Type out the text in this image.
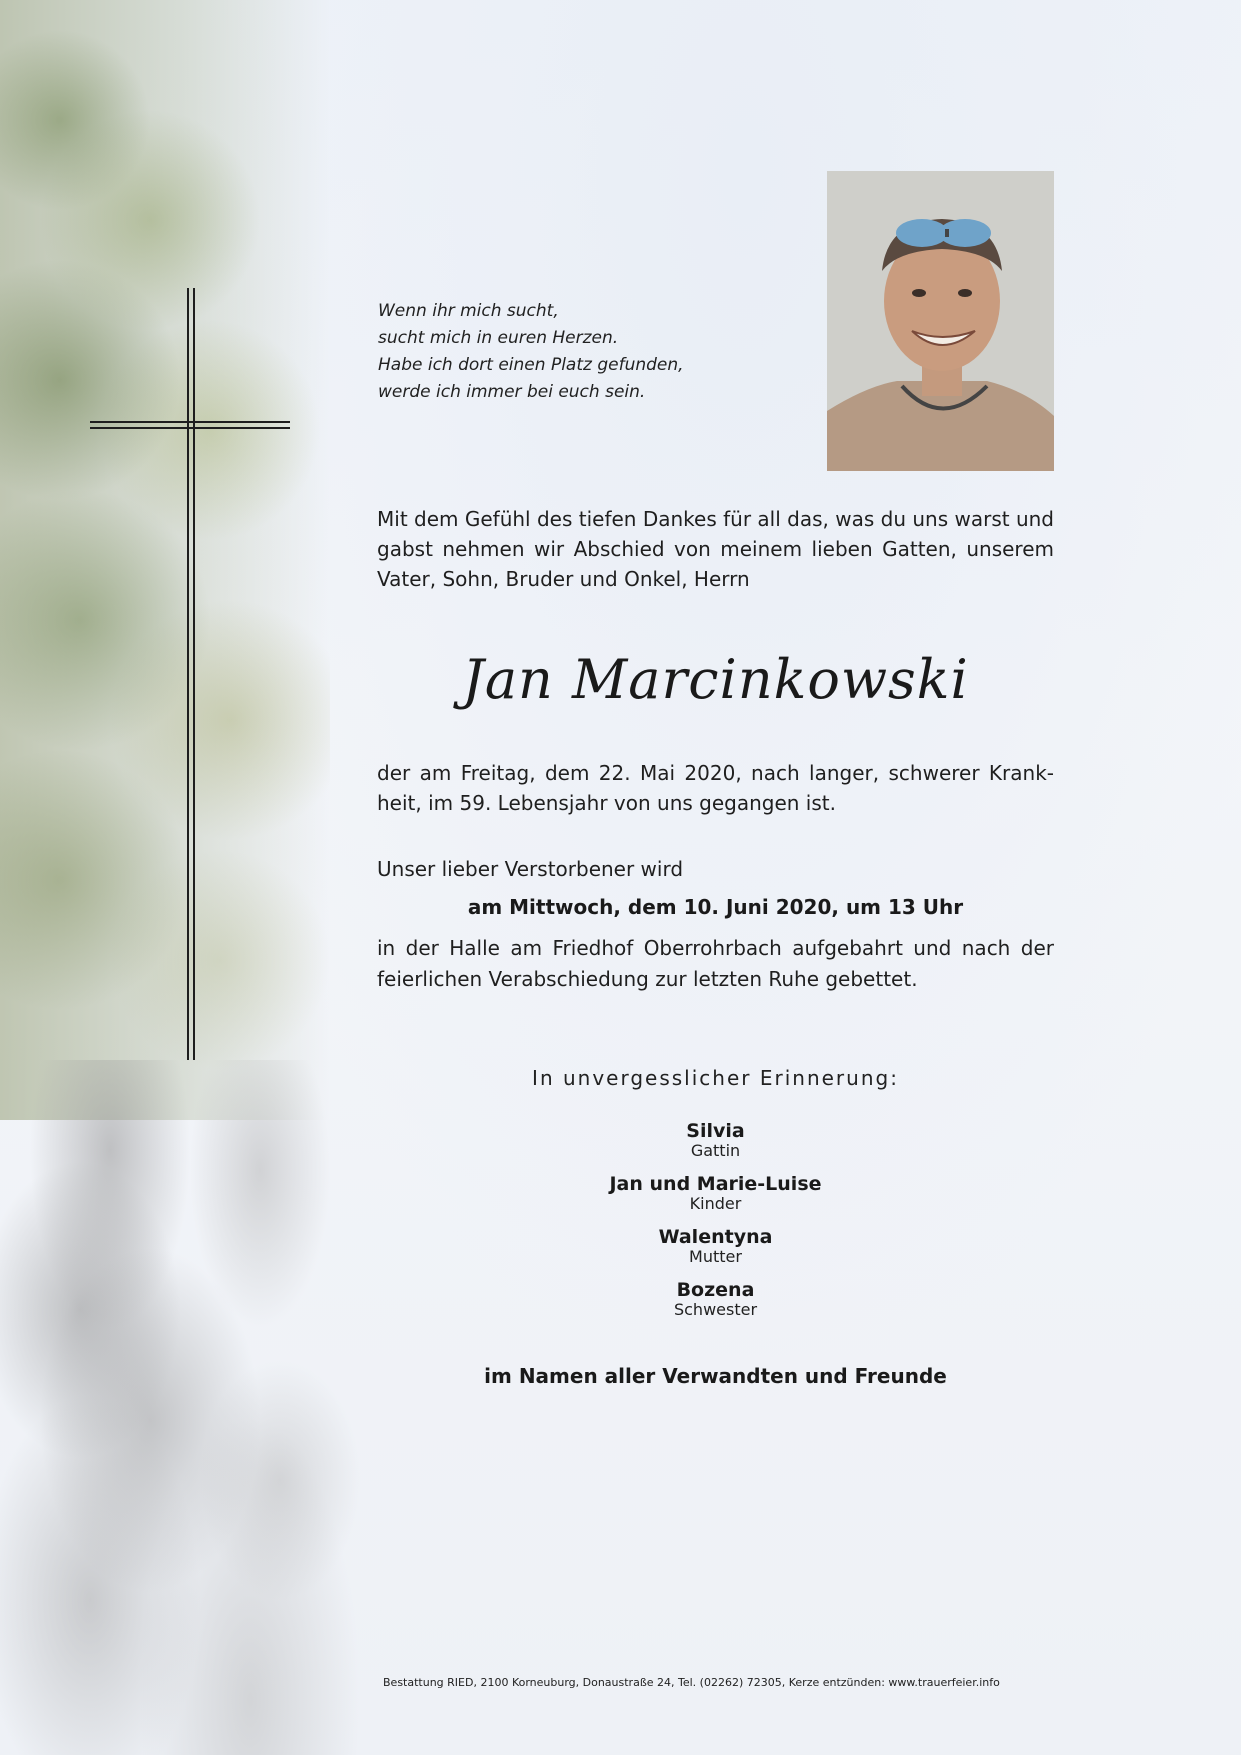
Wenn ihr mich sucht,
sucht mich in euren Herzen.
Habe ich dort einen Platz gefunden,
werde ich immer bei euch sein.
Mit dem Gefühl des tiefen Dankes für all das, was du uns warst und gabst nehmen wir Abschied von meinem lieben Gatten, unserem Vater, Sohn, Bruder und Onkel, Herrn
Jan Marcinkowski
der am Freitag, dem 22. Mai 2020, nach langer, schwerer Krank-heit, im 59. Lebensjahr von uns gegangen ist.
Unser lieber Verstorbener wird
am Mittwoch, dem 10. Juni 2020, um 13 Uhr
in der Halle am Friedhof Oberrohrbach aufgebahrt und nach der feierlichen Verabschiedung zur letzten Ruhe gebettet.
In unvergesslicher Erinnerung:
Silvia
Gattin
Jan und Marie-Luise
Kinder
Walentyna
Mutter
Bozena
Schwester
im Namen aller Verwandten und Freunde
Bestattung RIED, 2100 Korneuburg, Donaustraße 24, Tel. (02262) 72305, Kerze entzünden: www.trauerfeier.info
